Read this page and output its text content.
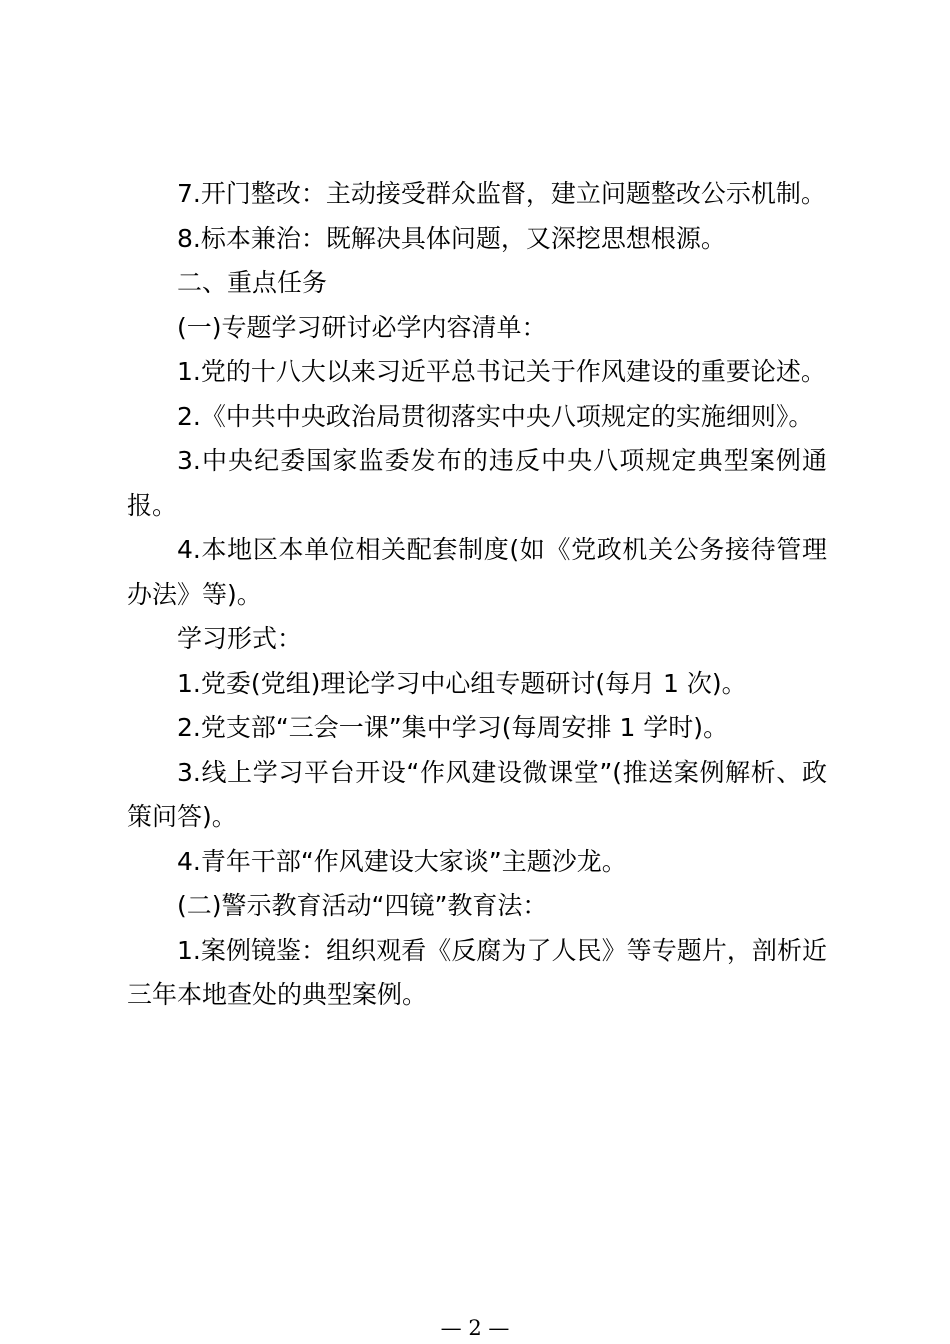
7.开门整改：主动接受群众监督，建立问题整改公示机制。

8.标本兼治：既解决具体问题，又深挖思想根源。

二、重点任务

(一)专题学习研讨必学内容清单：

1.党的十八大以来习近平总书记关于作风建设的重要论述。

2.《中共中央政治局贯彻落实中央八项规定的实施细则》。

3.中央纪委国家监委发布的违反中央八项规定典型案例通报。

4.本地区本单位相关配套制度(如《党政机关公务接待管理办法》等)。

学习形式：

1.党委(党组)理论学习中心组专题研讨(每月 1 次)。

2.党支部“三会一课”集中学习(每周安排 1 学时)。

3.线上学习平台开设“作风建设微课堂”(推送案例解析、政策问答)。

4.青年干部“作风建设大家谈”主题沙龙。

(二)警示教育活动“四镜”教育法：

1.案例镜鉴：组织观看《反腐为了人民》等专题片，剖析近三年本地查处的典型案例。

— 2 —
